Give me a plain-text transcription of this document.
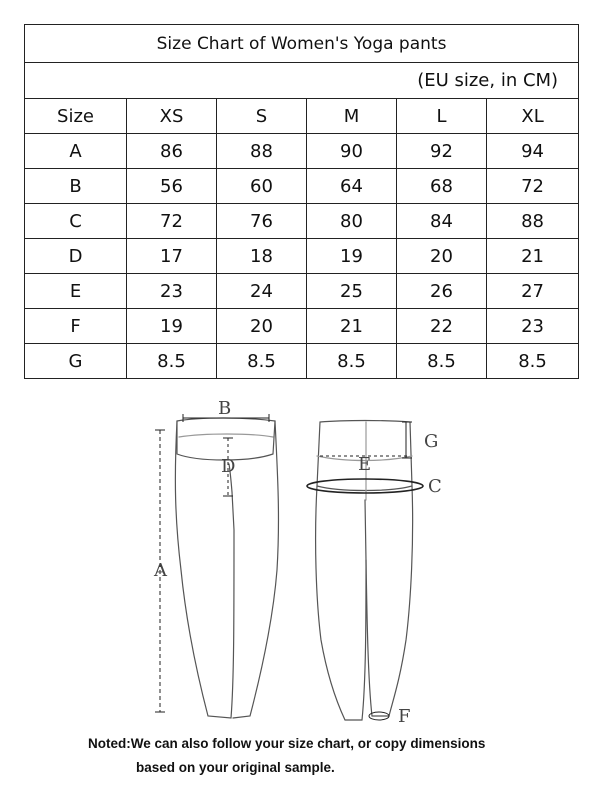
Size Chart of Women's Yoga pants					
(EU size, in CM)					
Size	XS	S	M	L	XL
A	86	88	90	92	94
B	56	60	64	68	72
C	72	76	80	84	88
D	17	18	19	20	21
E	23	24	25	26	27
F	19	20	21	22	23
G	8.5	8.5	8.5	8.5	8.5
B
D
A
E
G
C
F
Noted:We can also follow your size chart, or copy dimensions
based on your original sample.
